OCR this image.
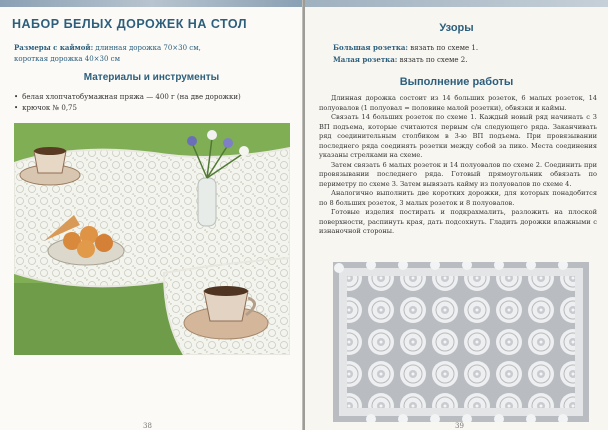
НАБОР БЕЛЫХ ДОРОЖЕК НА СТОЛ

Размеры с каймой: длинная дорожка 70×30 см,
короткая дорожка 40×30 см

Материалы и инструменты
• белая хлопчатобумажная пряжа — 400 г (на две дорожки)
• крючок № 0,75
38
Узоры

Большая розетка: вязать по схеме 1.
Малая розетка: вязать по схеме 2.

Выполнение работы

Длинная дорожка состоит из 14 больших розеток, 6 малых розеток, 14 полуовалов (1 полуовал = половине малой розетки), обвязки и каймы.

Связать 14 больших розеток по схеме 1. Каждый новый ряд начинать с 3 ВП подъема, которые считаются первым с/н следующего ряда. Заканчивать ряд соединительным столбиком в 3-ю ВП подъема. При провязывании последнего ряда соединять розетки между собой за пико. Места соединения указаны стрелками на схеме.

Затем связать 6 малых розеток и 14 полуовалов по схеме 2. Соединить при провязывании последнего ряда. Готовый прямоугольник обвязать по периметру по схеме 3. Затем вывязать кайму из полуовалов по схеме 4.

Аналогично выполнить две коротких дорожки, для которых понадобится по 8 больших розеток, 3 малых розеток и 8 полуовалов.

Готовые изделия постирать и подкрахмалить, разложить на плоской поверхности, распинуть края, дать подсохнуть. Гладить дорожки влажными с изнаночной стороны.

39
